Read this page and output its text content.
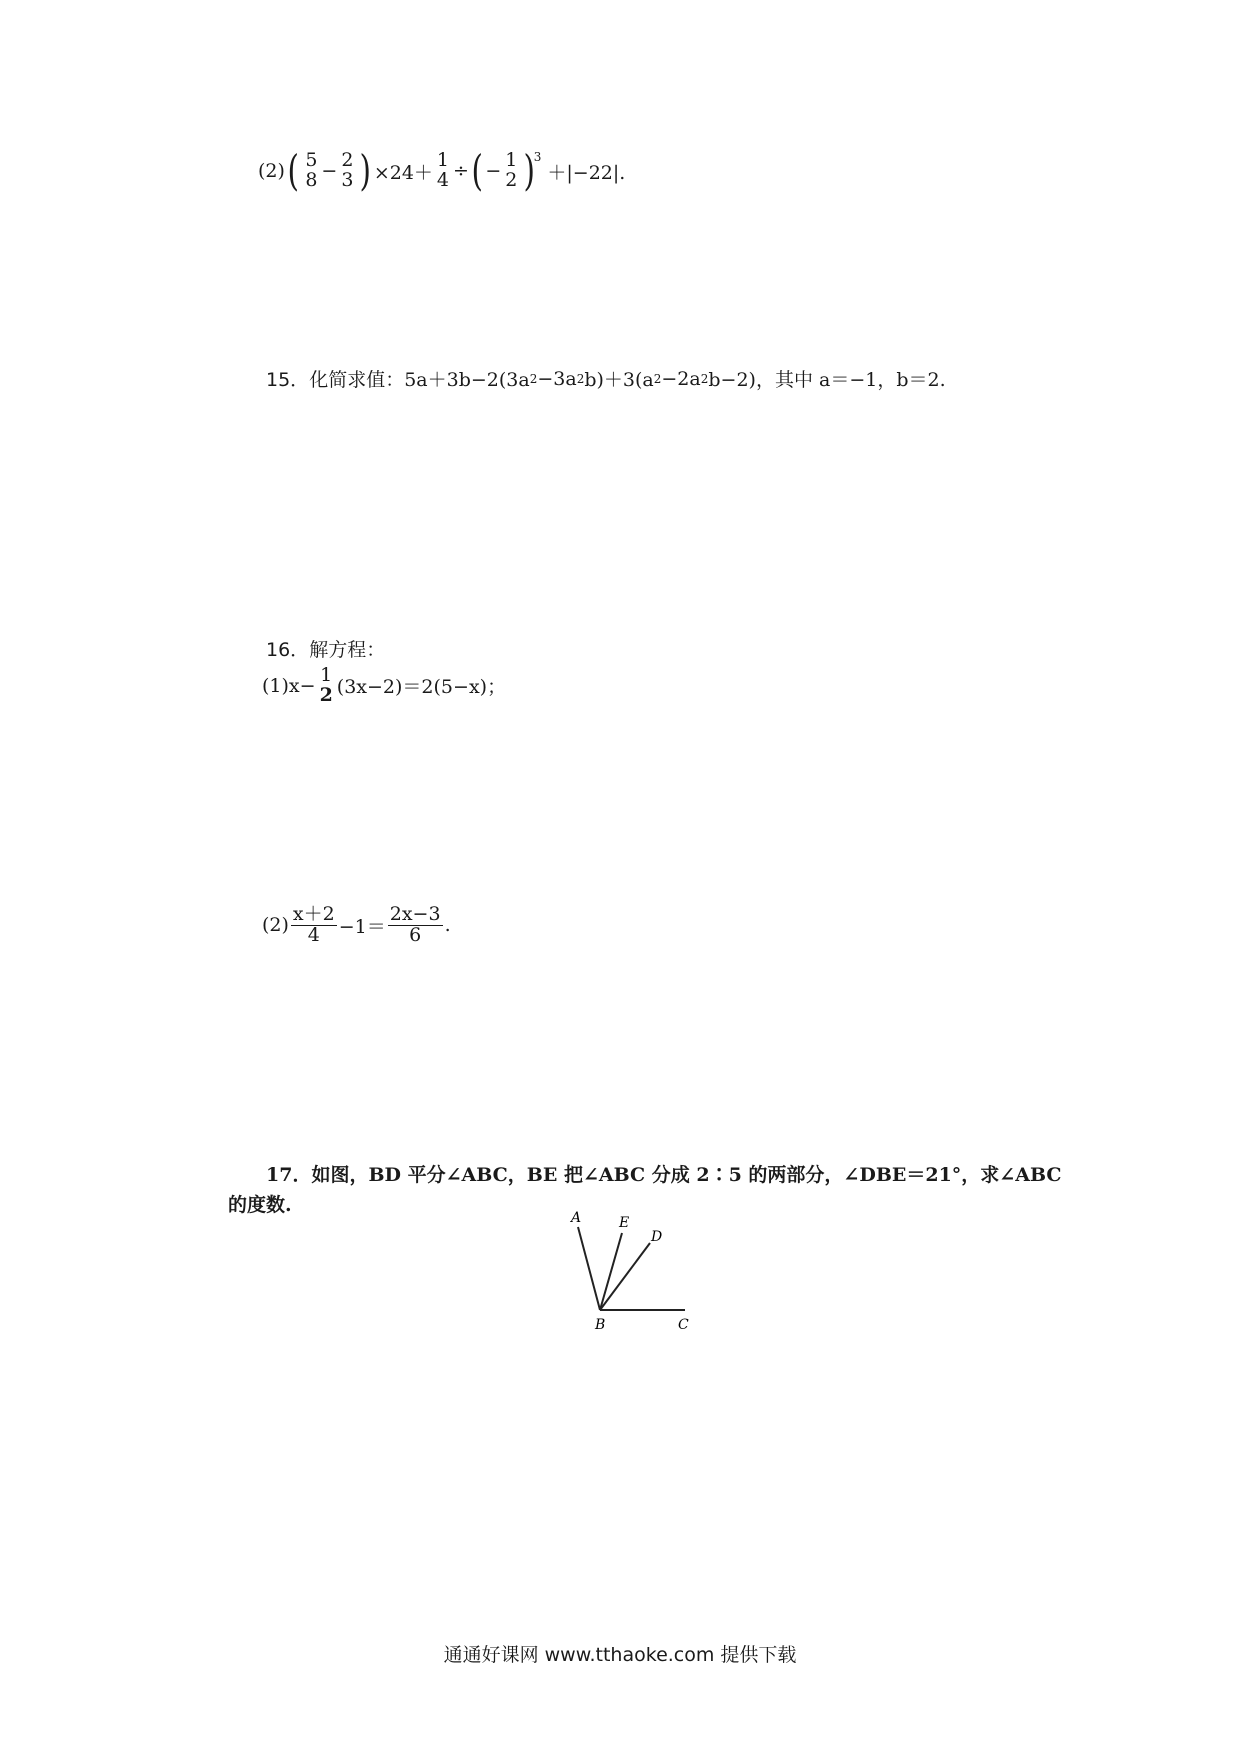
(2) ( 5
8 − 2
3 ) ×24＋
1
4 ÷ ( − 1
2 )
3
＋|−22|.
15． 化简求值： 5a＋3b−2(3a 2 −3a 2 b)＋3(a 2 −2a 2 b−2)，其中 a＝−1，b＝2.
16． 解方程：
(1) x− 1
2 (3x−2)＝2(5−x)；
$(2) \frac{x+2}{4} -1= \frac{2x-3}{6}$ .
17．如图，BD 平分∠ABC，BE 把∠ABC 分成 2∶5 的两部分，∠DBE＝21°，求∠ABC
的度数.
A	E
D
B	C
通通好课网 www.tthaoke.com 提供下载
